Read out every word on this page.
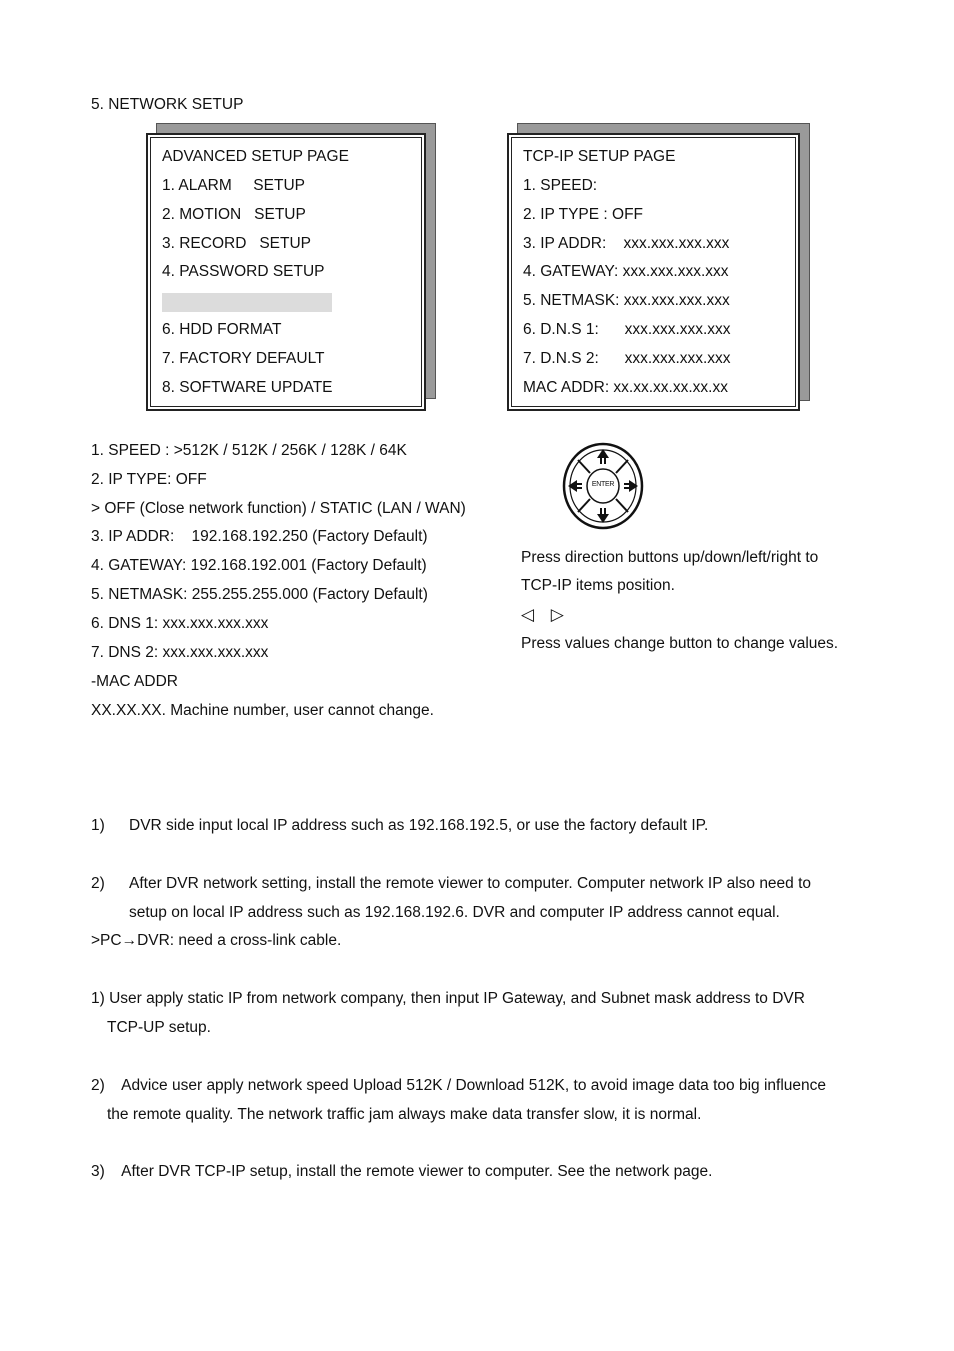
5. NETWORK SETUP
ADVANCED SETUP PAGE
1. ALARM     SETUP
2. MOTION   SETUP
3. RECORD   SETUP
4. PASSWORD SETUP
6. HDD FORMAT
7. FACTORY DEFAULT
8. SOFTWARE UPDATE
TCP-IP SETUP PAGE
1. SPEED:
2. IP TYPE : OFF
3. IP ADDR:    xxx.xxx.xxx.xxx
4. GATEWAY: xxx.xxx.xxx.xxx
5. NETMASK: xxx.xxx.xxx.xxx
6. D.N.S 1:      xxx.xxx.xxx.xxx
7. D.N.S 2:      xxx.xxx.xxx.xxx
MAC ADDR: xx.xx.xx.xx.xx.xx
1. SPEED : >512K / 512K / 256K / 128K / 64K
2. IP TYPE: OFF
> OFF (Close network function) / STATIC (LAN / WAN)
3. IP ADDR:    192.168.192.250 (Factory Default)
4. GATEWAY: 192.168.192.001 (Factory Default)
5. NETMASK: 255.255.255.000 (Factory Default)
6. DNS 1: xxx.xxx.xxx.xxx
7. DNS 2: xxx.xxx.xxx.xxx
-MAC ADDR
XX.XX.XX. Machine number, user cannot change.
ENTER
Press direction buttons up/down/left/right to
TCP-IP items position.
◁ ▷
Press values change button to change values.
1) DVR side input local IP address such as 192.168.192.5, or use the factory default IP.
2) After DVR network setting, install the remote viewer to computer. Computer network IP also need to
setup on local IP address such as 192.168.192.6. DVR and computer IP address cannot equal.
>PC→DVR: need a cross-link cable.
1) User apply static IP from network company, then input IP Gateway, and Subnet mask address to DVR
TCP-UP setup.
2)    Advice user apply network speed Upload 512K / Download 512K, to avoid image data too big influence
the remote quality. The network traffic jam always make data transfer slow, it is normal.
3)    After DVR TCP-IP setup, install the remote viewer to computer. See the network page.
